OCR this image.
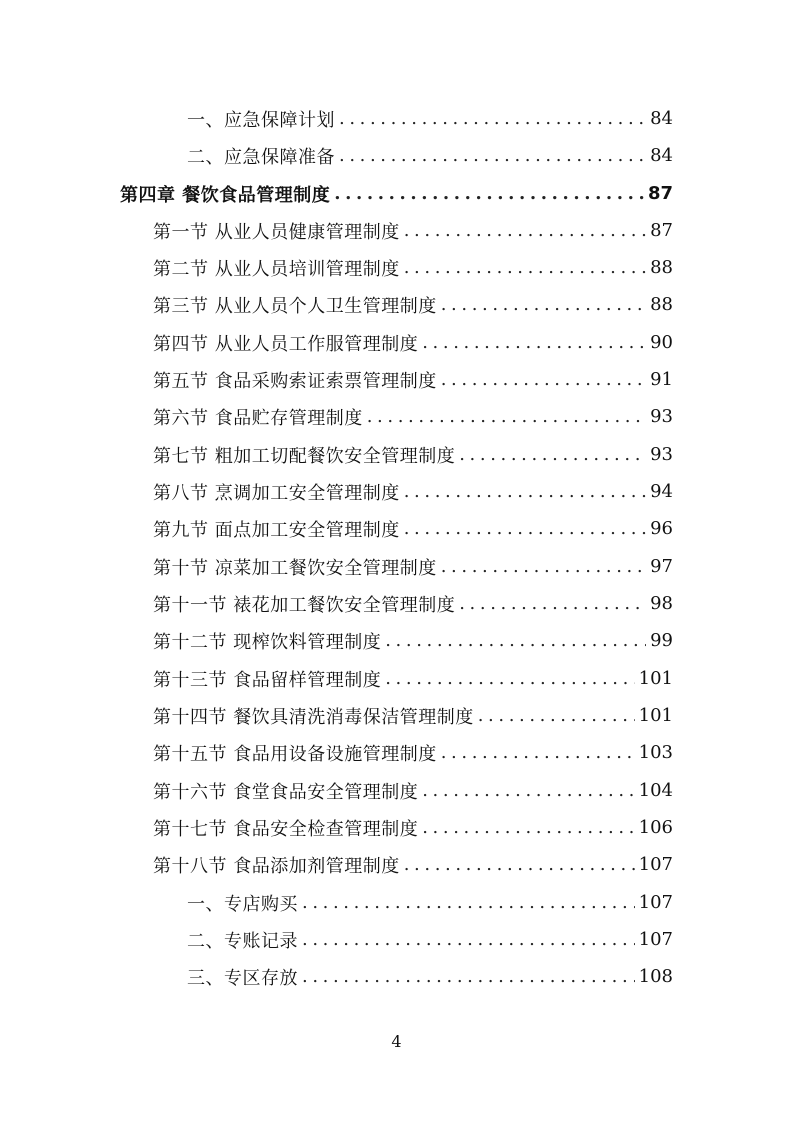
一、应急保障计划 .....	84
二、应急保障准备 .....	84
第四章 餐饮食品管理制度 .....	87
第一节 从业人员健康管理制度 .....	87
第二节 从业人员培训管理制度 .....	88
第三节 从业人员个人卫生管理制度 .....	88
第四节 从业人员工作服管理制度 .....	90
第五节 食品采购索证索票管理制度 .....	91
第六节 食品贮存管理制度 .....	93
第七节 粗加工切配餐饮安全管理制度 .....	93
第八节 烹调加工安全管理制度 .....	94
第九节 面点加工安全管理制度 .....	96
第十节 凉菜加工餐饮安全管理制度 .....	97
第十一节 裱花加工餐饮安全管理制度 .....	98
第十二节 现榨饮料管理制度 .....	99
第十三节 食品留样管理制度 .....	101
第十四节 餐饮具清洗消毒保洁管理制度 .....	101
第十五节 食品用设备设施管理制度 .....	103
第十六节 食堂食品安全管理制度 .....	104
第十七节 食品安全检查管理制度 .....	106
第十八节 食品添加剂管理制度 .....	107
一、专店购买 .....	107
二、专账记录 .....	107
三、专区存放 .....	108
4
